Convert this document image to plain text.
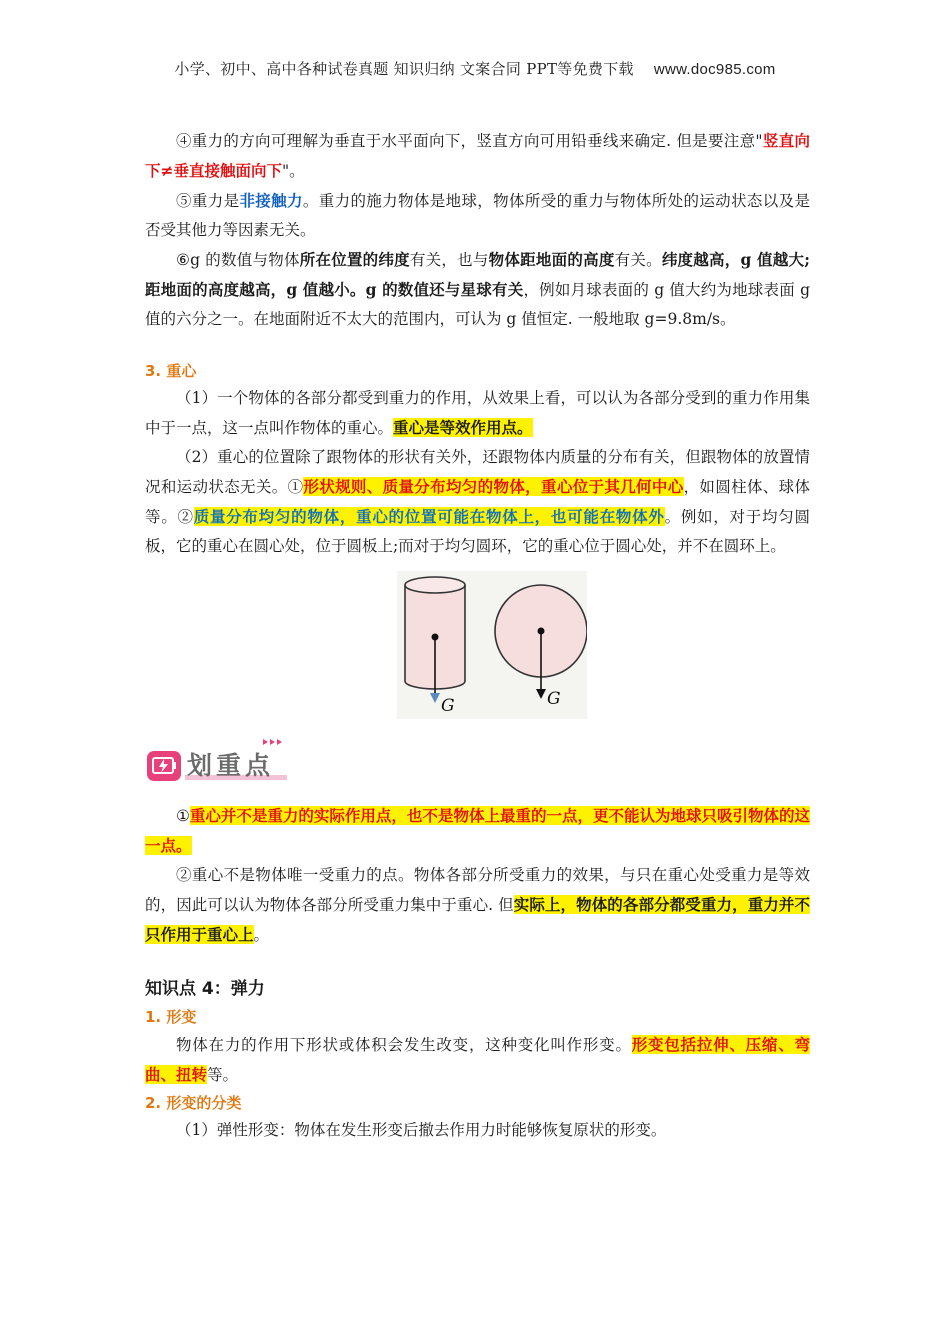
小学、初中、高中各种试卷真题 知识归纳 文案合同 PPT等免费下载 www.doc985.com

④重力的方向可理解为垂直于水平面向下，竖直方向可用铅垂线来确定. 但是要注意"竖直向下≠垂直接触面向下"。

⑤重力是非接触力。重力的施力物体是地球，物体所受的重力与物体所处的运动状态以及是否受其他力等因素无关。

⑥g 的数值与物体所在位置的纬度有关，也与物体距地面的高度有关。纬度越高，g 值越大;距地面的高度越高，g 值越小。g 的数值还与星球有关，例如月球表面的 g 值大约为地球表面 g 值的六分之一。在地面附近不太大的范围内，可认为 g 值恒定. 一般地取 g=9.8m/s。

3. 重心

（1）一个物体的各部分都受到重力的作用，从效果上看，可以认为各部分受到的重力作用集中于一点，这一点叫作物体的重心。重心是等效作用点。

（2）重心的位置除了跟物体的形状有关外，还跟物体内质量的分布有关，但跟物体的放置情况和运动状态无关。①形状规则、质量分布均匀的物体，重心位于其几何中心，如圆柱体、球体等。②质量分布均匀的物体，重心的位置可能在物体上，也可能在物体外。例如，对于均匀圆板，它的重心在圆心处，位于圆板上;而对于均匀圆环，它的重心位于圆心处，并不在圆环上。

G	G
划重点

①重心并不是重力的实际作用点，也不是物体上最重的一点，更不能认为地球只吸引物体的这一点。

②重心不是物体唯一受重力的点。物体各部分所受重力的效果，与只在重心处受重力是等效的，因此可以认为物体各部分所受重力集中于重心. 但实际上，物体的各部分都受重力，重力并不只作用于重心上。

知识点 4：弹力
1. 形变

物体在力的作用下形状或体积会发生改变，这种变化叫作形变。形变包括拉伸、压缩、弯曲、扭转等。

2. 形变的分类

（1）弹性形变：物体在发生形变后撤去作用力时能够恢复原状的形变。
